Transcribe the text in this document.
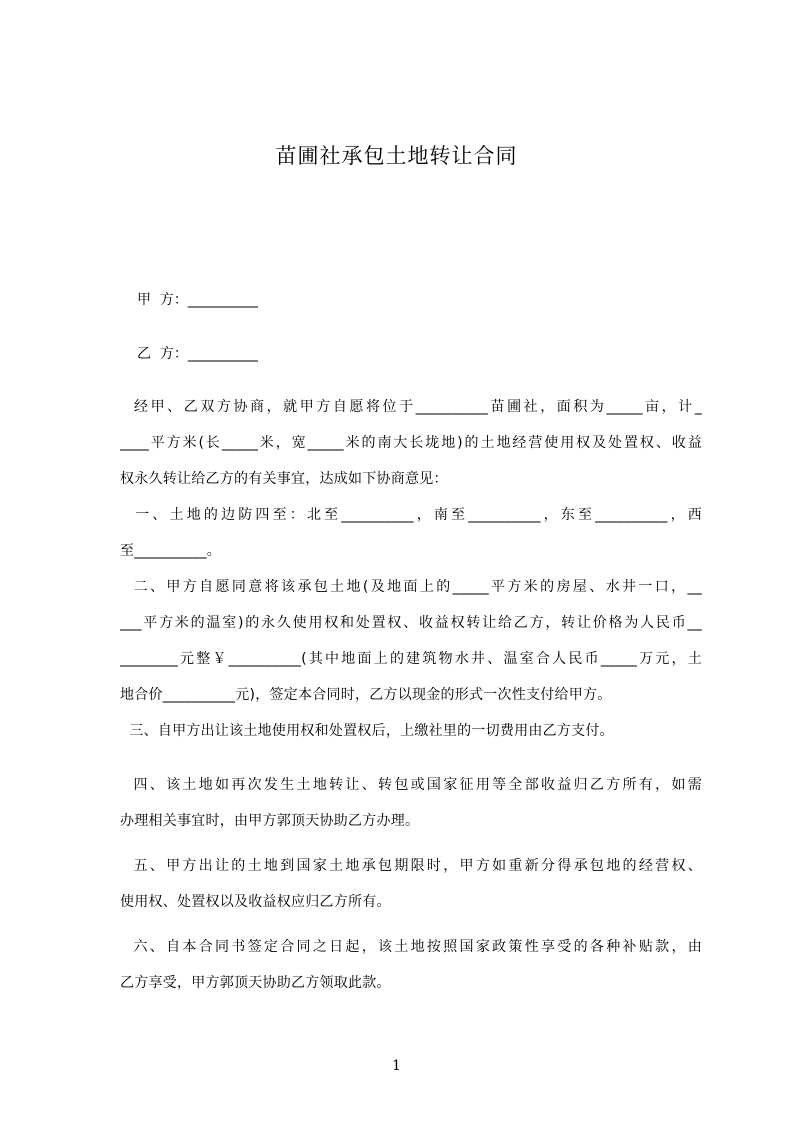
苗圃社承包土地转让合同
甲  方：__________
乙  方：__________
经甲、乙双方协商，就甲方自愿将位于__________苗圃社，面积为_____亩，计_
____平方米(长_____米，宽_____米的南大长垅地)的土地经营使用权及处置权、收益
权永久转让给乙方的有关事宜，达成如下协商意见：
一、土地的边防四至：北至__________，南至__________，东至__________，西
至__________。
二、甲方自愿同意将该承包土地(及地面上的_____平方米的房屋、水井一口，__
___平方米的温室)的永久使用权和处置权、收益权转让给乙方，转让价格为人民币__
________元整￥__________(其中地面上的建筑物水井、温室合人民币_____万元，土
地合价__________元)，签定本合同时，乙方以现金的形式一次性支付给甲方。
三、自甲方出让该土地使用权和处置权后，上缴社里的一切费用由乙方支付。
四、该土地如再次发生土地转让、转包或国家征用等全部收益归乙方所有，如需
办理相关事宜时，由甲方郭顶天协助乙方办理。
五、甲方出让的土地到国家土地承包期限时，甲方如重新分得承包地的经营权、
使用权、处置权以及收益权应归乙方所有。
六、自本合同书签定合同之日起，该土地按照国家政策性享受的各种补贴款，由
乙方享受，甲方郭顶天协助乙方领取此款。
1
